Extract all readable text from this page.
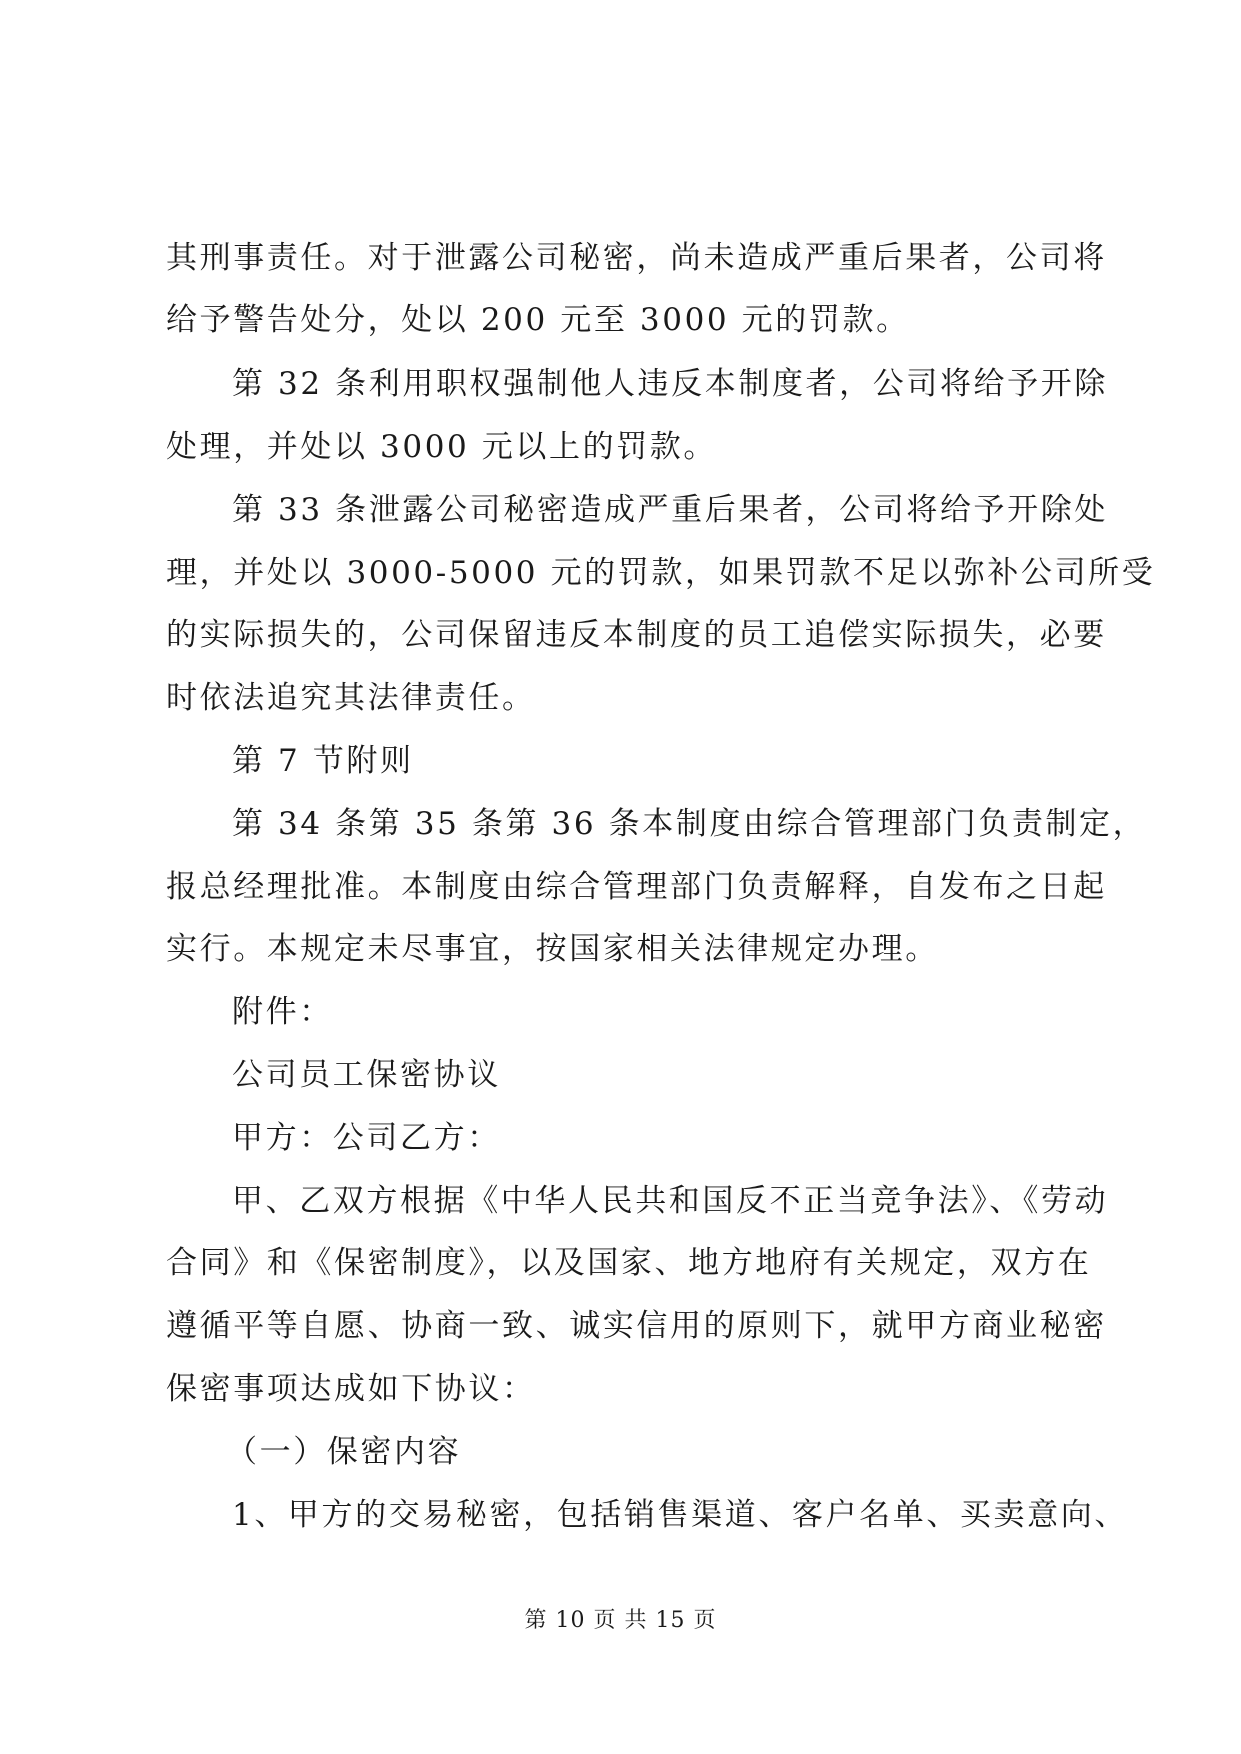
其刑事责任。对于泄露公司秘密，尚未造成严重后果者，公司将
给予警告处分，处以 200 元至 3000 元的罚款。
第 32 条利用职权强制他人违反本制度者，公司将给予开除
处理，并处以 3000 元以上的罚款。
第 33 条泄露公司秘密造成严重后果者，公司将给予开除处
理，并处以 3000-5000 元的罚款，如果罚款不足以弥补公司所受
的实际损失的，公司保留违反本制度的员工追偿实际损失，必要
时依法追究其法律责任。
第 7 节附则
第 34 条第 35 条第 36 条本制度由综合管理部门负责制定，
报总经理批准。本制度由综合管理部门负责解释，自发布之日起
实行。本规定未尽事宜，按国家相关法律规定办理。
附件：
公司员工保密协议
甲方：公司乙方：
甲、乙双方根据《中华人民共和国反不正当竞争法》、《劳动
合同》和《保密制度》，以及国家、地方地府有关规定，双方在
遵循平等自愿、协商一致、诚实信用的原则下，就甲方商业秘密
保密事项达成如下协议：
（一）保密内容
1、甲方的交易秘密，包括销售渠道、客户名单、买卖意向、
第 10 页 共 15 页
